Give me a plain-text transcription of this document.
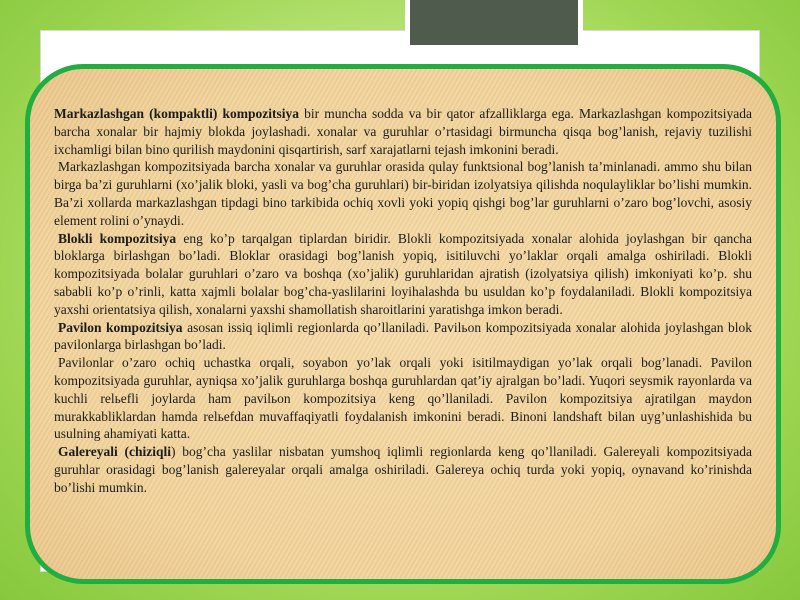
Markazlashgan (kompaktli) kompozitsiya bir muncha sodda va bir qator afzalliklarga ega. Markazlashgan kompozitsiyada barcha xonalar bir hajmiy blokda joylashadi. xonalar va guruhlar o’rtasidagi birmuncha qisqa bog’lanish, rejaviy tuzilishi ixchamligi bilan bino qurilish maydonini qisqartirish, sarf xarajatlarni tejash imkonini beradi.

Markazlashgan kompozitsiyada barcha xonalar va guruhlar orasida qulay funktsional bog’lanish ta’minlanadi. ammo shu bilan birga ba’zi guruhlarni (xo’jalik bloki, yasli va bog’cha guruhlari) bir-biridan izolyatsiya qilishda noqulayliklar bo’lishi mumkin. Ba’zi xollarda markazlashgan tipdagi bino tarkibida ochiq xovli yoki yopiq qishgi bog’lar guruhlarni o’zaro bog’lovchi, asosiy element rolini o’ynaydi.

Blokli kompozitsiya eng ko’p tarqalgan tiplardan biridir. Blokli kompozitsiyada xonalar alohida joylashgan bir qancha bloklarga birlashgan bo’ladi. Bloklar orasidagi bog’lanish yopiq, isitiluvchi yo’laklar orqali amalga oshiriladi. Blokli kompozitsiyada bolalar guruhlari o’zaro va boshqa (xo’jalik) guruhlaridan ajratish (izolyatsiya qilish) imkoniyati ko’p. shu sababli ko’p o’rinli, katta xajmli bolalar bog’cha-yaslilarini loyihalashda bu usuldan ko’p foydalaniladi. Blokli kompozitsiya yaxshi orientatsiya qilish, xonalarni yaxshi shamollatish sharoitlarini yaratishga imkon beradi.

Pavilon kompozitsiya asosan issiq iqlimli regionlarda qo’llaniladi. Pavilьon kompozitsiyada xonalar alohida joylashgan blok pavilonlarga birlashgan bo’ladi.

Pavilonlar o’zaro ochiq uchastka orqali, soyabon yo’lak orqali yoki isitilmaydigan yo’lak orqali bog’lanadi. Pavilon kompozitsiyada guruhlar, ayniqsa xo’jalik guruhlarga boshqa guruhlardan qat’iy ajralgan bo’ladi. Yuqori seysmik rayonlarda va kuchli relьefli joylarda ham pavilьon kompozitsiya keng qo’llaniladi. Pavilon kompozitsiya ajratilgan maydon murakkabliklardan hamda relьefdan muvaffaqiyatli foydalanish imkonini beradi. Binoni landshaft bilan uyg’unlashishida bu usulning ahamiyati katta.

Galereyali (chiziqli) bog’cha yaslilar nisbatan yumshoq iqlimli regionlarda keng qo’llaniladi. Galereyali kompozitsiyada guruhlar orasidagi bog’lanish galereyalar orqali amalga oshiriladi. Galereya ochiq turda yoki yopiq, oynavand ko’rinishda bo’lishi mumkin.
